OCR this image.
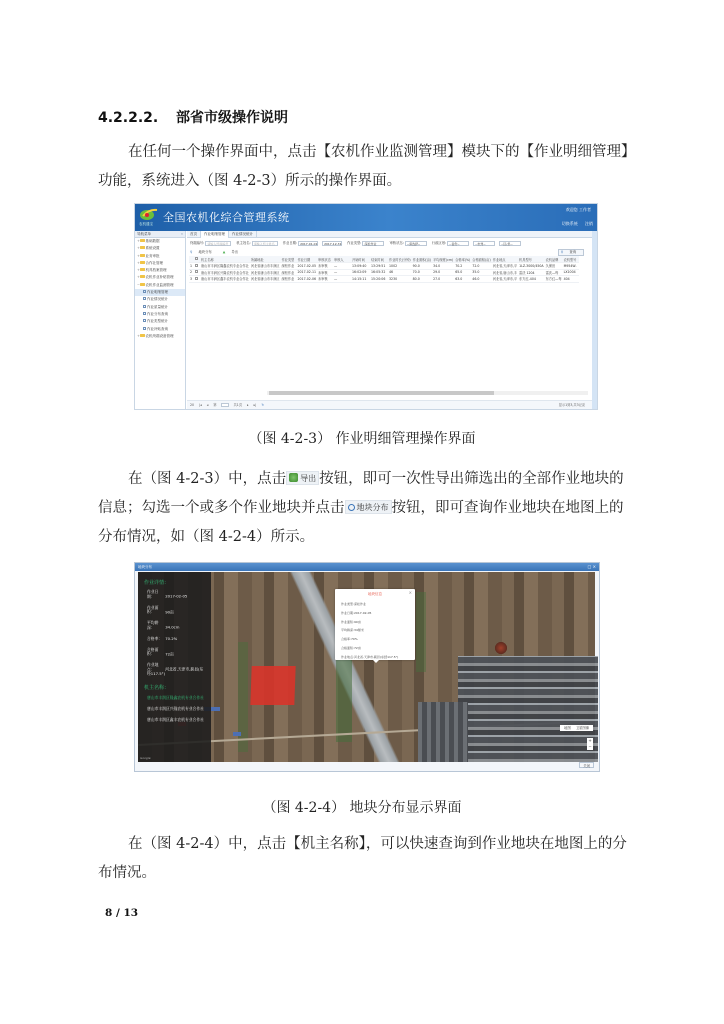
4.2.2.2. 部省市级操作说明
在任何一个操作界面中，点击【农机作业监测管理】模块下的【作业明细管理】
功能，系统进入（图 4-2-3）所示的操作界面。
农机通宝 全国农机化综合管理系统
欢迎您 工作者
切换系统 注销
导航菜单	«
+ 基础数据
+ 系统设置
+ 业务审批
+ 合作社管理
+ 机具档案管理
+ 农机作业补贴管理
− 农机作业监测管理
作业明细管理
作业情况统计
作业质量统计
作业分布查询
作业类型统计
作业补贴查询
+ 农机终端设备管理
首页 作业明细管理 作业情况统计
终端编号: 请输入终端编号 机主姓名: 请输入机主姓名 作业日期: 2017-01-01 2017-12-31 作业类型: 深松作业	审核状态: --请选择--	行政区划: --省份--	--市州--	--区/县--
⚲ 地块分布	▲ 导出	⚲ 查询
		机主名称	所属地址	作业类型	作业日期	审核状态	审核人	开始时间	结束时间	作业时长(分钟)	作业面积(亩)	平均深度(cm)	合格率(%)	合格面积(亩)	作业地点	机具型号	农机品牌	农机型号
1		唐山市丰润区隆鑫农机专业合作社	河北省唐山市丰润区	深松作业	2017-02-05	未审核	—	13:09:40	13:29:51	1002	90.0	34.0	70.2	72.0	河北省,天津市,平	1LZ-3000/450A	久保田	M954W-
2		唐山市丰润区兴隆农机专业合作社	河北省唐山市丰润区	深松作业	2017-02-11	未审核	—	16:02:09	16:05:32	46	70.0	29.0	65.0	35.0	河北省,唐山市,丰	雷沃 1204	雷沃—每	LX1004
3		唐山市丰润区鑫丰农机专业合作社	河北省唐山市丰润区	深松作业	2017-02-06	未审核	—	14:15:11	15:20:06	3230	80.0	27.0	63.0	46.0	河北省,天津市,平	东方红-404	东方红—每	404
20 |◂ ◂ 第	共1页 ▸ ▸| ↻	显示1到3,共3记录
（图 4-2-3） 作业明细管理操作界面
在（图 4-2-3）中，点击 导出 按钮，即可一次性导出筛选出的全部作业地块的
信息；勾选一个或多个作业地块并点击 地块分布 按钮，即可查询作业地块在地图上的
分布情况，如（图 4-2-4）所示。
地块分布	□ ×
作业详情：
作业日期：	2017-02-05
作业面积：	90亩
平均耕深：	34.0cm
合格率： 70.2%
合格面积：	72亩
作业地点：	河北省,天津市,蓟县(东经117.5°)
机主名称：
唐山市丰润区隆鑫农机专业合作社
唐山市丰润区兴隆农机专业合作社
唐山市丰润区鑫丰农机专业合作社
Google
地块信息	×
作业类型:深松作业
作业日期:2017-02-05
作业面积:90亩
平均耕深:34厘米
合格率:70%
合格面积:72亩
作业地点:河北省,天津市,蓟县(东经117.5°)
地图 卫星图像
+
−
关闭
（图 4-2-4） 地块分布显示界面
在（图 4-2-4）中，点击【机主名称】，可以快速查询到作业地块在地图上的分
布情况。
8 / 13
